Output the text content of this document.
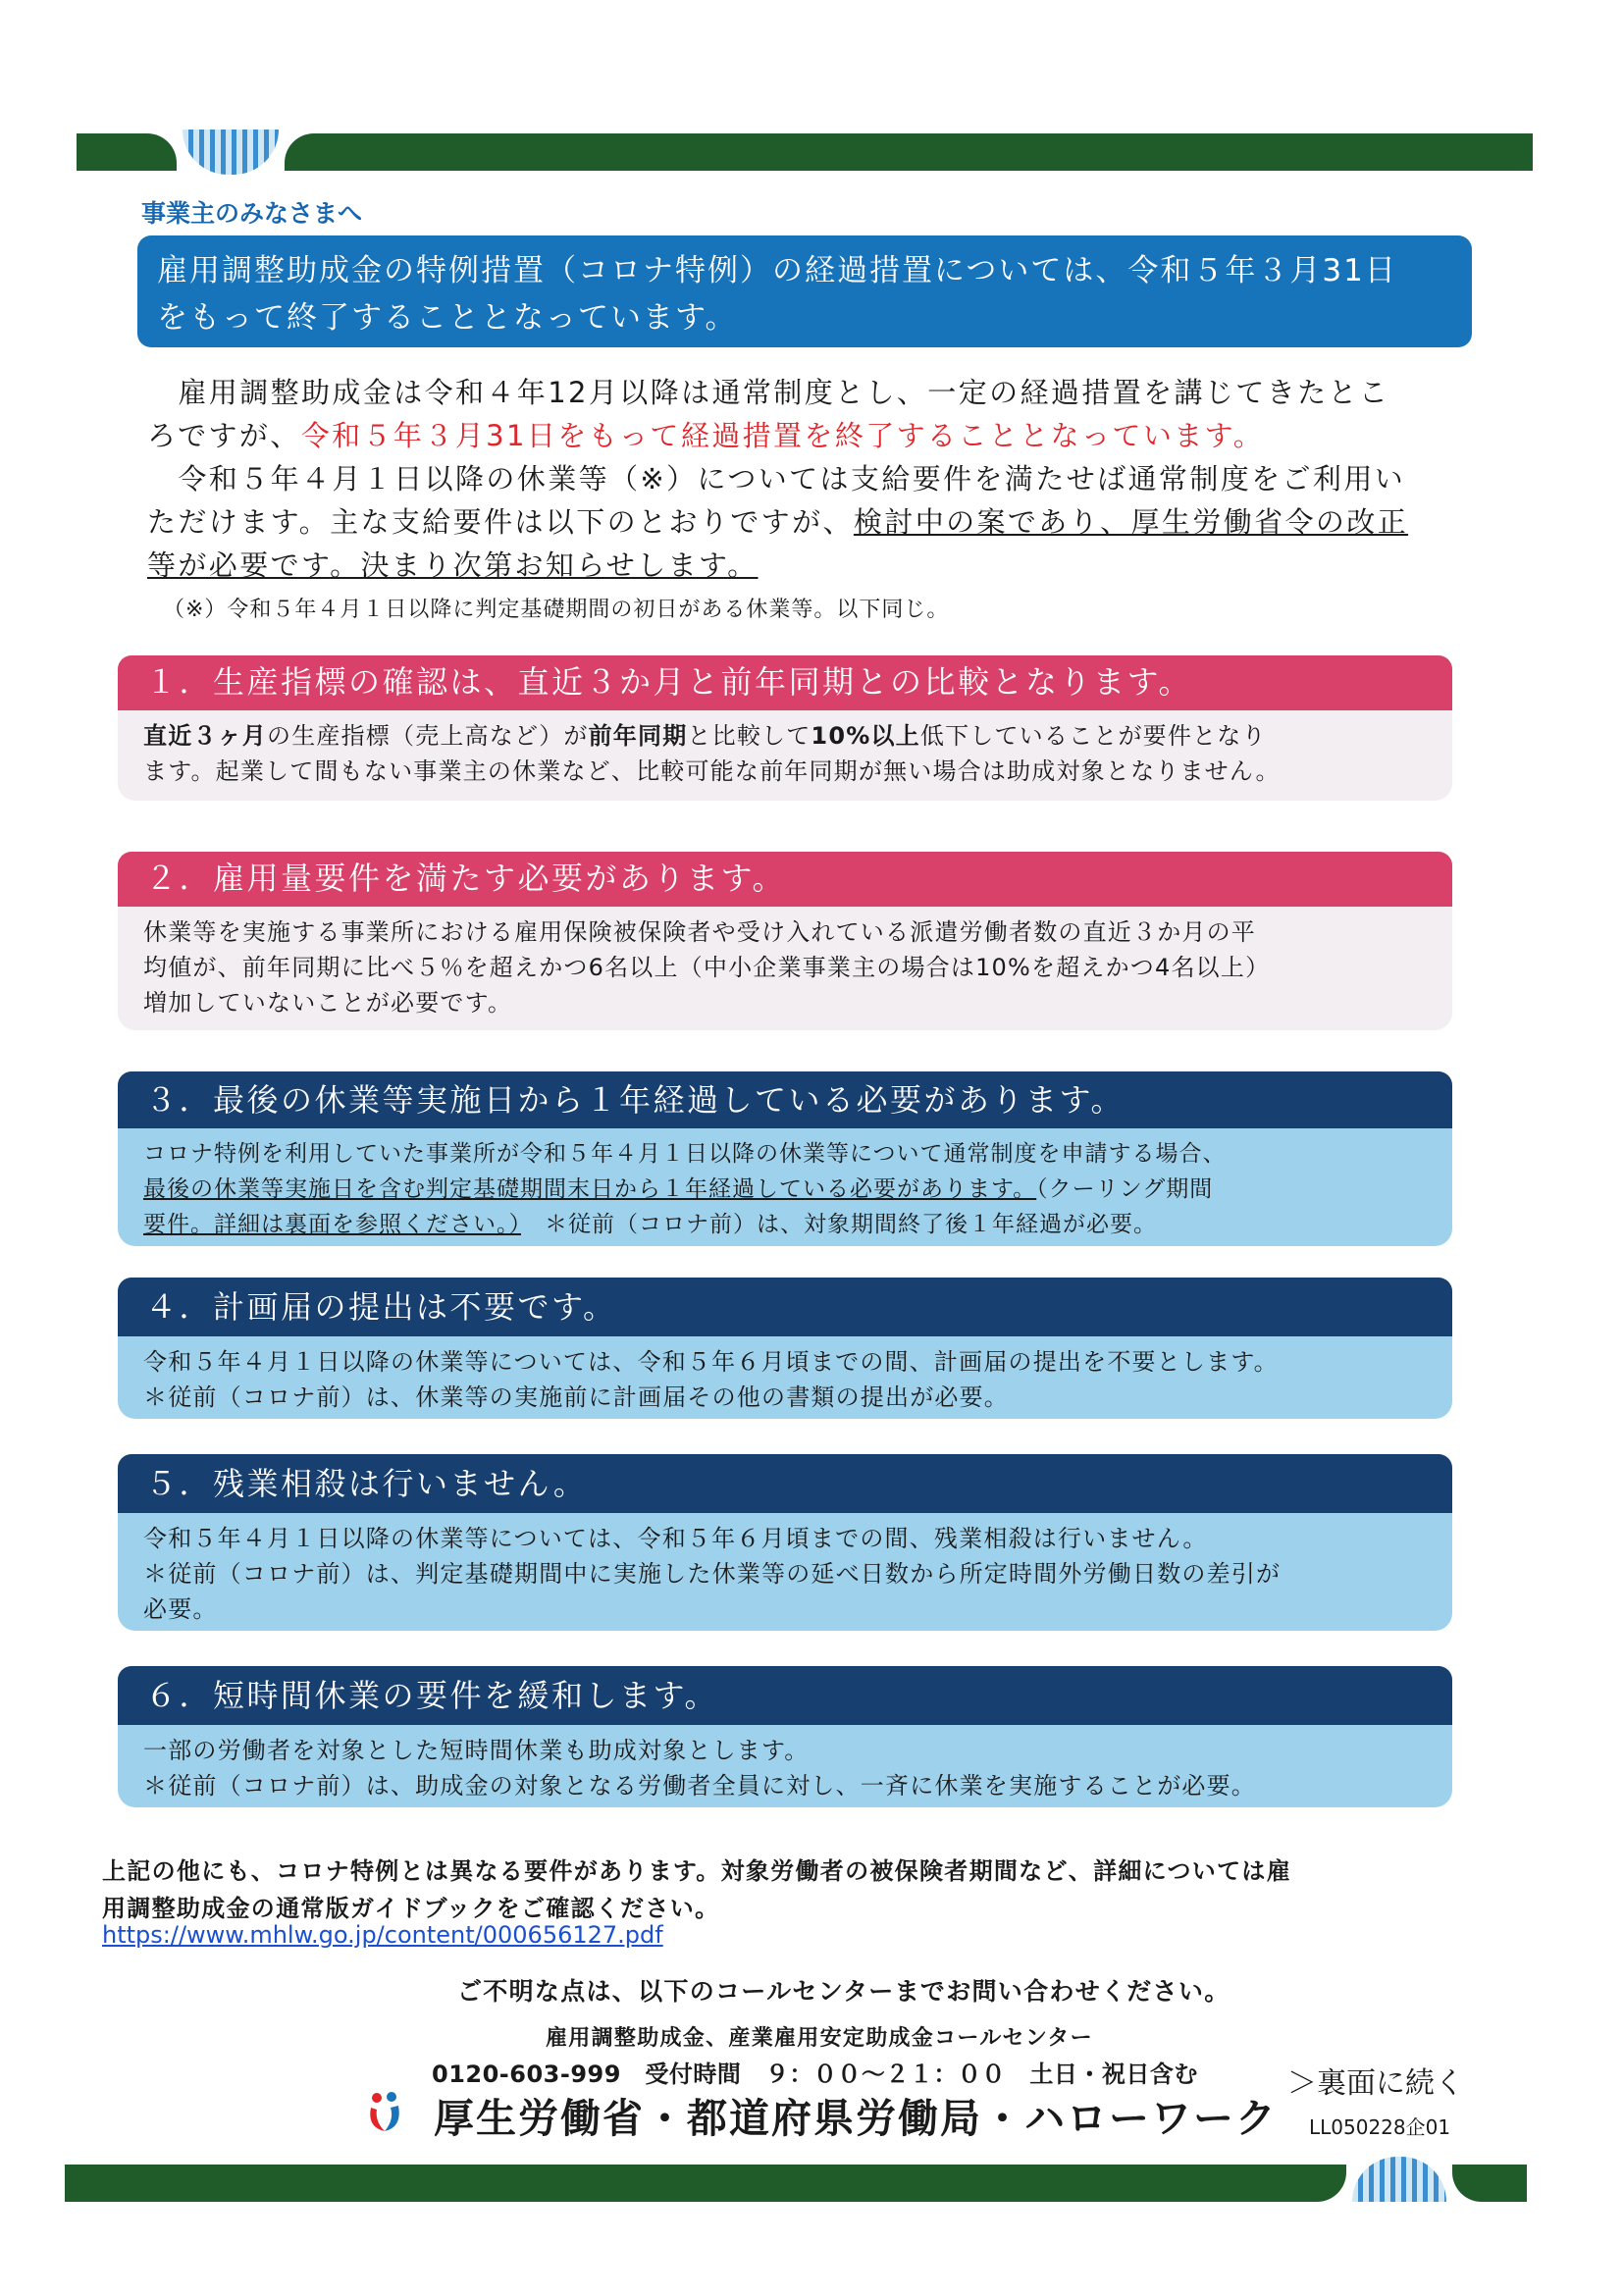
事業主のみなさまへ
雇用調整助成金の特例措置（コロナ特例）の経過措置については、令和５年３月31日
をもって終了することとなっています。
　雇用調整助成金は令和４年12月以降は通常制度とし、一定の経過措置を講じてきたとこ
ろですが、令和５年３月31日をもって経過措置を終了することとなっています。
　令和５年４月１日以降の休業等（※）については支給要件を満たせば通常制度をご利用い
ただけます。主な支給要件は以下のとおりですが、検討中の案であり、厚生労働省令の改正
等が必要です。決まり次第お知らせします。
（※）令和５年４月１日以降に判定基礎期間の初日がある休業等。以下同じ。
１．生産指標の確認は、直近３か月と前年同期との比較となります。
直近３ヶ月の生産指標（売上高など）が前年同期と比較して10%以上低下していることが要件となり
ます。起業して間もない事業主の休業など、比較可能な前年同期が無い場合は助成対象となりません。
２．雇用量要件を満たす必要があります。
休業等を実施する事業所における雇用保険被保険者や受け入れている派遣労働者数の直近３か月の平
均値が、前年同期に比べ５％を超えかつ6名以上（中小企業事業主の場合は10%を超えかつ4名以上）
増加していないことが必要です。
３．最後の休業等実施日から１年経過している必要があります。
コロナ特例を利用していた事業所が令和５年４月１日以降の休業等について通常制度を申請する場合、
最後の休業等実施日を含む判定基礎期間末日から１年経過している必要があります。（クーリング期間
要件。詳細は裏面を参照ください。）　＊従前（コロナ前）は、対象期間終了後１年経過が必要。
４．計画届の提出は不要です。
令和５年４月１日以降の休業等については、令和５年６月頃までの間、計画届の提出を不要とします。
＊従前（コロナ前）は、休業等の実施前に計画届その他の書類の提出が必要。
５．残業相殺は行いません。
令和５年４月１日以降の休業等については、令和５年６月頃までの間、残業相殺は行いません。
＊従前（コロナ前）は、判定基礎期間中に実施した休業等の延べ日数から所定時間外労働日数の差引が
必要。
６．短時間休業の要件を緩和します。
一部の労働者を対象とした短時間休業も助成対象とします。
＊従前（コロナ前）は、助成金の対象となる労働者全員に対し、一斉に休業を実施することが必要。
上記の他にも、コロナ特例とは異なる要件があります。対象労働者の被保険者期間など、詳細については雇
用調整助成金の通常版ガイドブックをご確認ください。
https://www.mhlw.go.jp/content/000656127.pdf
ご不明な点は、以下のコールセンターまでお問い合わせください。
雇用調整助成金、産業雇用安定助成金コールセンター
0120-603-999　受付時間　９：００～２１：００　土日・祝日含む
厚生労働省・都道府県労働局・ハローワーク
＞裏面に続く
LL050228企01
